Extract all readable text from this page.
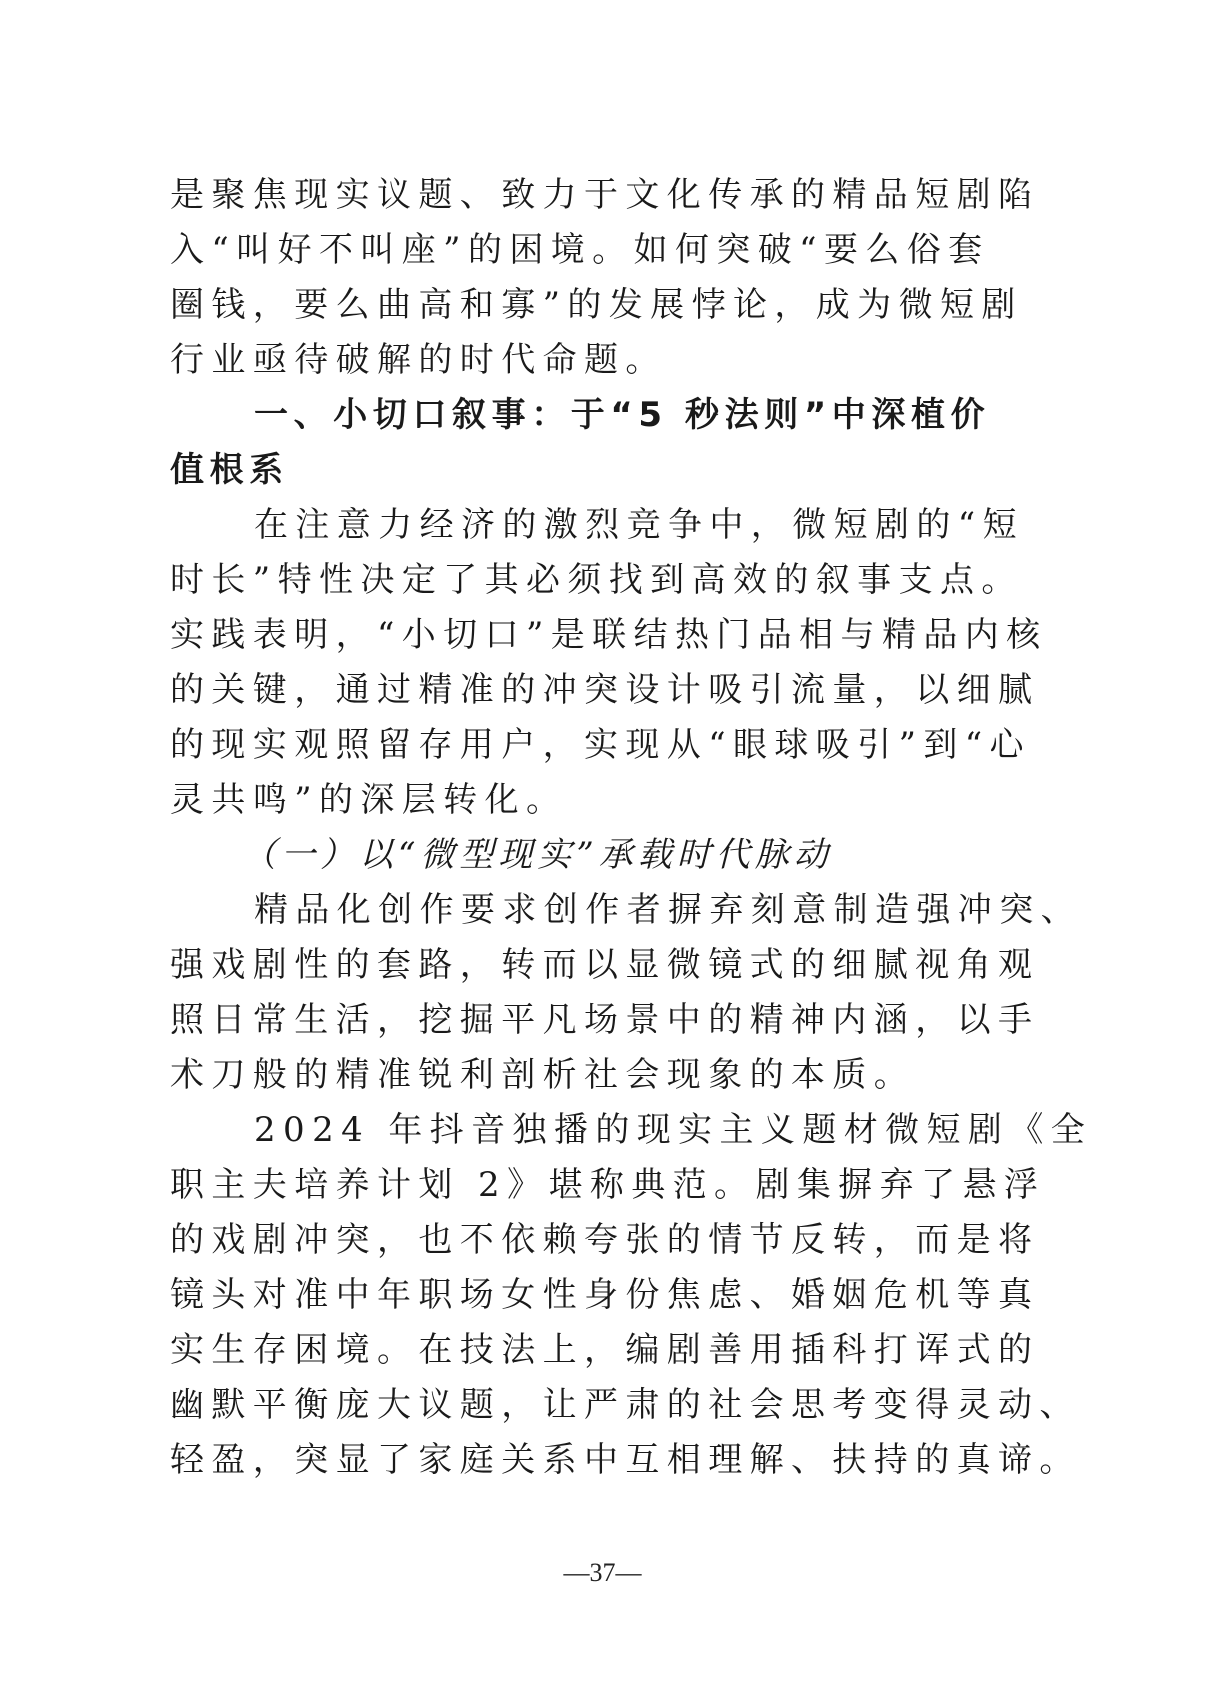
是聚焦现实议题、致力于文化传承的精品短剧陷
入“叫好不叫座”的困境。如何突破“要么俗套
圈钱，要么曲高和寡”的发展悖论，成为微短剧
行业亟待破解的时代命题。
一、小切口叙事：于“5 秒法则”中深植价
值根系
在注意力经济的激烈竞争中，微短剧的“短
时长”特性决定了其必须找到高效的叙事支点。
实践表明，“小切口”是联结热门品相与精品内核
的关键，通过精准的冲突设计吸引流量，以细腻
的现实观照留存用户，实现从“眼球吸引”到“心
灵共鸣”的深层转化。
（一）以“微型现实”承载时代脉动
精品化创作要求创作者摒弃刻意制造强冲突、
强戏剧性的套路，转而以显微镜式的细腻视角观
照日常生活，挖掘平凡场景中的精神内涵，以手
术刀般的精准锐利剖析社会现象的本质。
2024 年抖音独播的现实主义题材微短剧《全
职主夫培养计划 2》堪称典范。剧集摒弃了悬浮
的戏剧冲突，也不依赖夸张的情节反转，而是将
镜头对准中年职场女性身份焦虑、婚姻危机等真
实生存困境。在技法上，编剧善用插科打诨式的
幽默平衡庞大议题，让严肃的社会思考变得灵动、
轻盈，突显了家庭关系中互相理解、扶持的真谛。
—37—
